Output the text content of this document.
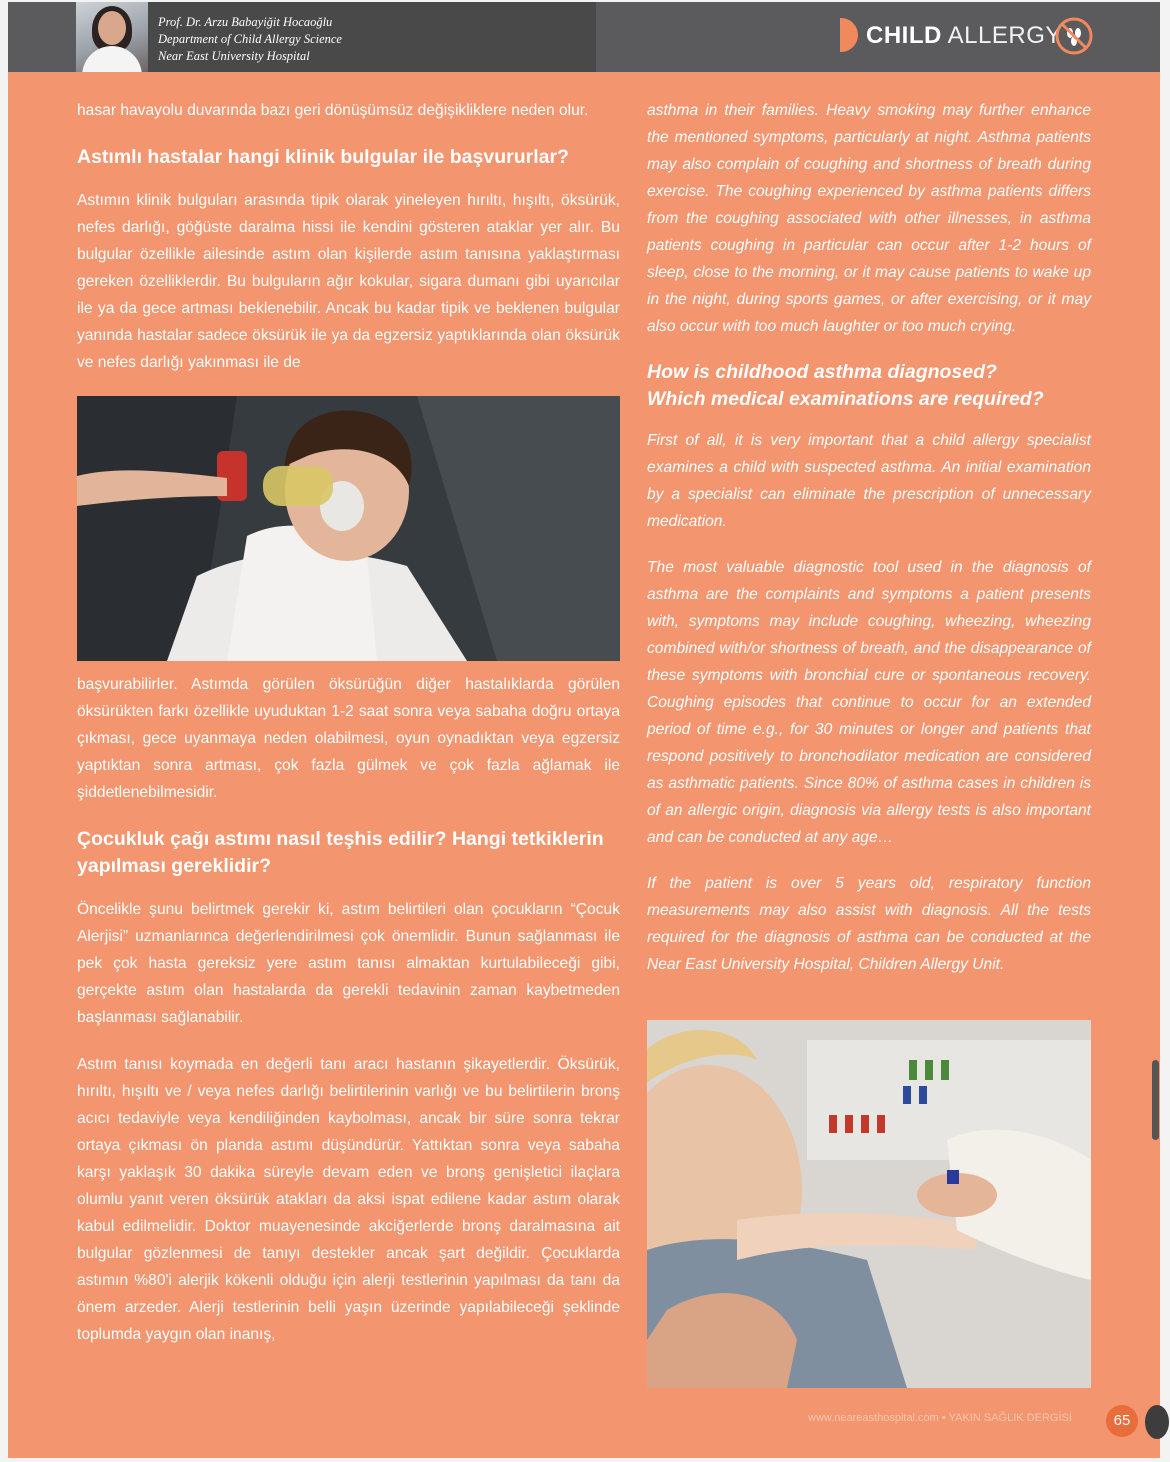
Prof. Dr. Arzu Babayiğit Hocaoğlu
Department of Child Allergy Science
Near East University Hospital
CHILD ALLERGY

hasar havayolu duvarında bazı geri dönüşümsüz değişikliklere neden olur.

Astımlı hastalar hangi klinik bulgular ile başvururlar?

Astımın klinik bulguları arasında tipik olarak yineleyen hırıltı, hışıltı, öksürük, nefes darlığı, göğüste daralma hissi ile kendini gösteren ataklar yer alır. Bu bulgular özellikle ailesinde astım olan kişilerde astım tanısına yaklaştırması gereken özelliklerdir. Bu bulguların ağır kokular, sigara dumanı gibi uyarıcılar ile ya da gece artması beklenebilir. Ancak bu kadar tipik ve beklenen bulgular yanında hastalar sadece öksürük ile ya da egzersiz yaptıklarında olan öksürük ve nefes darlığı yakınması ile de

başvurabilirler. Astımda görülen öksürüğün diğer hastalıklarda görülen öksürükten farkı özellikle uyuduktan 1-2 saat sonra veya sabaha doğru ortaya çıkması, gece uyanmaya neden olabilmesi, oyun oynadıktan veya egzersiz yaptıktan sonra artması, çok fazla gülmek ve çok fazla ağlamak ile şiddetlenebilmesidir.

Çocukluk çağı astımı nasıl teşhis edilir? Hangi tetkiklerin yapılması gereklidir?

Öncelikle şunu belirtmek gerekir ki, astım belirtileri olan çocukların “Çocuk Alerjisi” uzmanlarınca değerlendirilmesi çok önemlidir. Bunun sağlanması ile pek çok hasta gereksiz yere astım tanısı almaktan kurtulabileceği gibi, gerçekte astım olan hastalarda da gerekli tedavinin zaman kaybetmeden başlanması sağlanabilir.

Astım tanısı koymada en değerli tanı aracı hastanın şikayetlerdir. Öksürük, hırıltı, hışıltı ve / veya nefes darlığı belirtilerinin varlığı ve bu belirtilerin bronş acıcı tedaviyle veya kendiliğinden kaybolması, ancak bir süre sonra tekrar ortaya çıkması ön planda astımı düşündürür. Yattıktan sonra veya sabaha karşı yaklaşık 30 dakika süreyle devam eden ve bronş genişletici ilaçlara olumlu yanıt veren öksürük atakları da aksi ispat edilene kadar astım olarak kabul edilmelidir. Doktor muayenesinde akciğerlerde bronş daralmasına ait bulgular gözlenmesi de tanıyı destekler ancak şart değildir. Çocuklarda astımın %80'i alerjik kökenli olduğu için alerji testlerinin yapılması da tanı da önem arzeder. Alerji testlerinin belli yaşın üzerinde yapılabileceği şeklinde toplumda yaygın olan inanış,

asthma in their families. Heavy smoking may further enhance the mentioned symptoms, particularly at night. Asthma patients may also complain of coughing and shortness of breath during exercise. The coughing experienced by asthma patients differs from the coughing associated with other illnesses, in asthma patients coughing in particular can occur after 1-2 hours of sleep, close to the morning, or it may cause patients to wake up in the night, during sports games, or after exercising, or it may also occur with too much laughter or too much crying.

How is childhood asthma diagnosed?
Which medical examinations are required?

First of all, it is very important that a child allergy specialist examines a child with suspected asthma. An initial examination by a specialist can eliminate the prescription of unnecessary medication.

The most valuable diagnostic tool used in the diagnosis of asthma are the complaints and symptoms a patient presents with, symptoms may include coughing, wheezing, wheezing combined with/or shortness of breath, and the disappearance of these symptoms with bronchial cure or spontaneous recovery. Coughing episodes that continue to occur for an extended period of time e.g., for 30 minutes or longer and patients that respond positively to bronchodilator medication are considered as asthmatic patients. Since 80% of asthma cases in children is of an allergic origin, diagnosis via allergy tests is also important and can be conducted at any age…

If the patient is over 5 years old, respiratory function measurements may also assist with diagnosis. All the tests required for the diagnosis of asthma can be conducted at the Near East University Hospital, Children Allergy Unit.

www.neareasthospital.com • YAKIN SAĞLIK DERGİSİ	65
